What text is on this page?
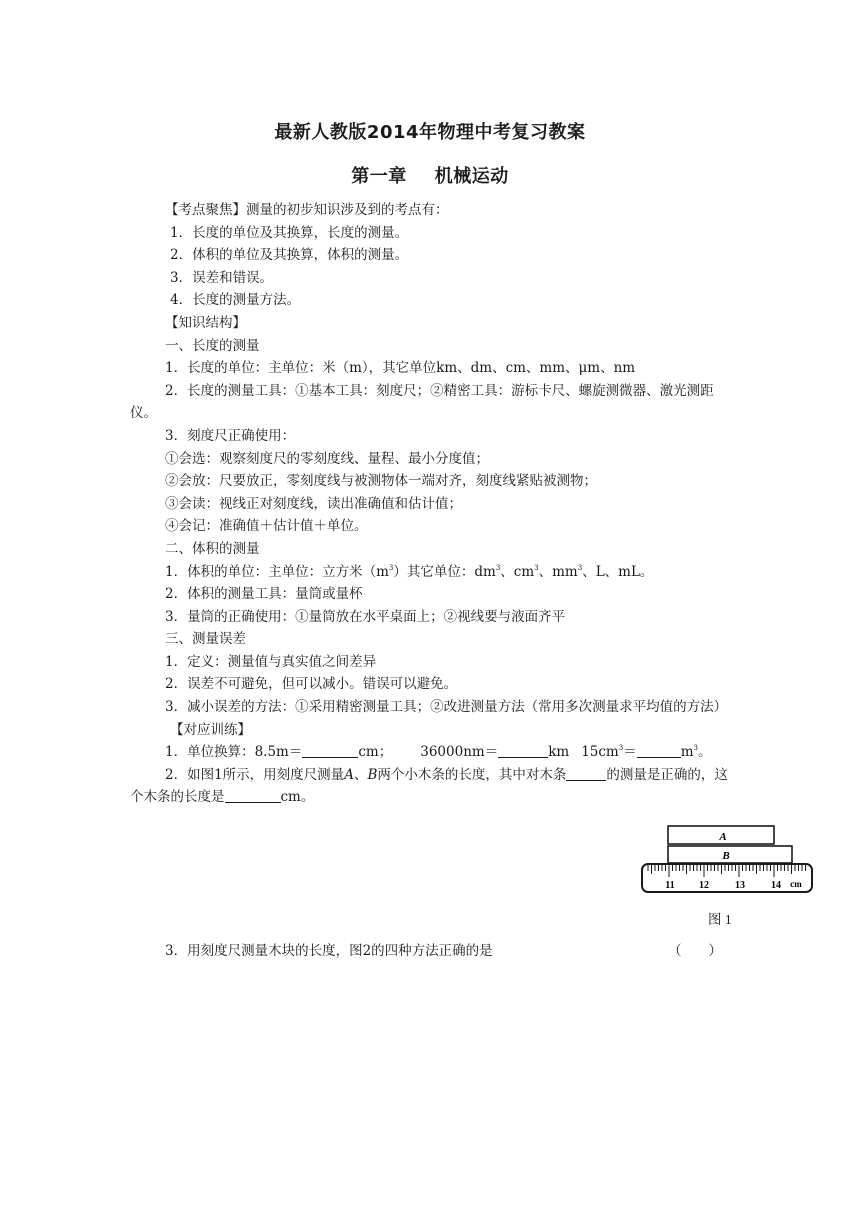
最新人教版2014年物理中考复习教案
第一章 机械运动

【考点聚焦】测量的初步知识涉及到的考点有：

1．长度的单位及其换算，长度的测量。

2．体积的单位及其换算，体积的测量。

3．误差和错误。

4．长度的测量方法。

【知识结构】

一、长度的测量

1．长度的单位：主单位：米（m），其它单位km、dm、cm、mm、μm、nm

2．长度的测量工具：①基本工具：刻度尺；②精密工具：游标卡尺、螺旋测微器、激光测距仪。

3．刻度尺正确使用：

①会选：观察刻度尺的零刻度线、量程、最小分度值；

②会放：尺要放正，零刻度线与被测物体一端对齐，刻度线紧贴被测物；

③会读：视线正对刻度线，读出准确值和估计值；

④会记：准确值＋估计值＋单位。

二、体积的测量

1．体积的单位：主单位：立方米$(m^3)$其它单位：$dm^3$、$cm^3$、$mm^3$、L、mL。

2．体积的测量工具：量筒或量杯

3．量筒的正确使用：①量筒放在水平桌面上；②视线要与液面齐平

三、测量误差

1．定义：测量值与真实值之间差异

2．误差不可避免，但可以减小。错误可以避免。

3．减小误差的方法：①采用精密测量工具；②改进测量方法（常用多次测量求平均值的方法）

【对应训练】

1．单位换算：8.5m＝	cm； 36000nm＝	km $15cm^3=$	$m^3$。

2．如图1所示，用刻度尺测量A、B两个小木条的长度，其中对木条	的测量是正确的，这个木条的长度是	cm。

A
B
11 12	13	14 cm
图 1
3．用刻度尺测量木块的长度，图2的四种方法正确的是	（　　）
